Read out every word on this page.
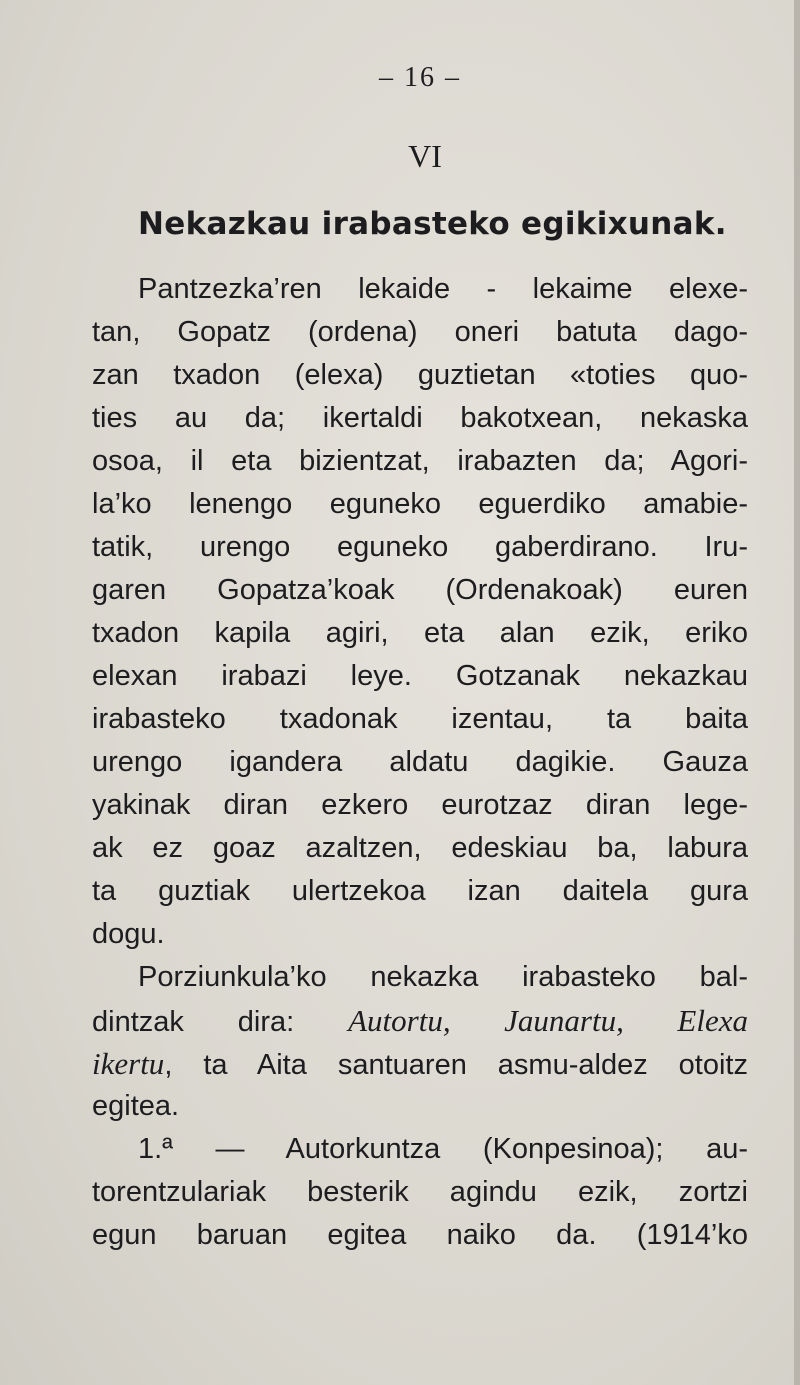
– 16 –
VI
Nekazkau irabasteko egikixunak.
Pantzezka’ren lekaide - lekaime elexe-
tan, Gopatz (ordena) oneri batuta dago-
zan txadon (elexa) guztietan «toties quo-
ties au da; ikertaldi bakotxean, nekaska
osoa, il eta bizientzat, irabazten da; Agori-
la’ko lenengo eguneko eguerdiko amabie-
tatik, urengo eguneko gaberdirano. Iru-
garen Gopatza’koak (Ordenakoak) euren
txadon kapila agiri, eta alan ezik, eriko
elexan irabazi leye. Gotzanak nekazkau
irabasteko txadonak izentau, ta baita
urengo igandera aldatu dagikie. Gauza
yakinak diran ezkero eurotzaz diran lege-
ak ez goaz azaltzen, edeskiau ba, labura
ta guztiak ulertzekoa izan daitela gura
dogu.
Porziunkula’ko nekazka irabasteko bal-
dintzak dira: Autortu, Jaunartu, Elexa
ikertu, ta Aita santuaren asmu-aldez otoitz
egitea.
1.ª — Autorkuntza (Konpesinoa); au-
torentzulariak besterik agindu ezik, zortzi
egun baruan egitea naiko da. (1914’ko
